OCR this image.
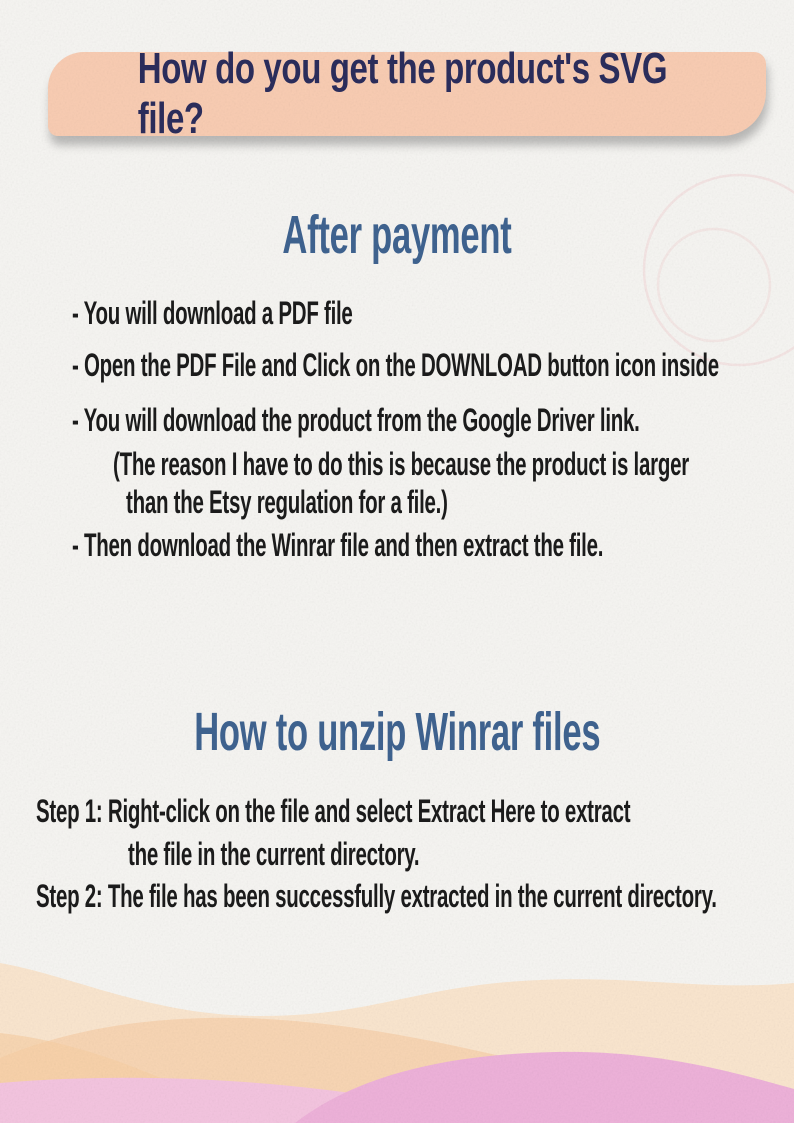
How do you get the product's SVG file?
After payment
- You will download a PDF file
- Open the PDF File and Click on the DOWNLOAD button icon inside
- You will download the product from the Google Driver link.
(The reason I have to do this is because the product is larger
than the Etsy regulation for a file.)
- Then download the Winrar file and then extract the file.
How to unzip Winrar files
Step 1: Right-click on the file and select Extract Here to extract
the file in the current directory.
Step 2: The file has been successfully extracted in the current directory.
